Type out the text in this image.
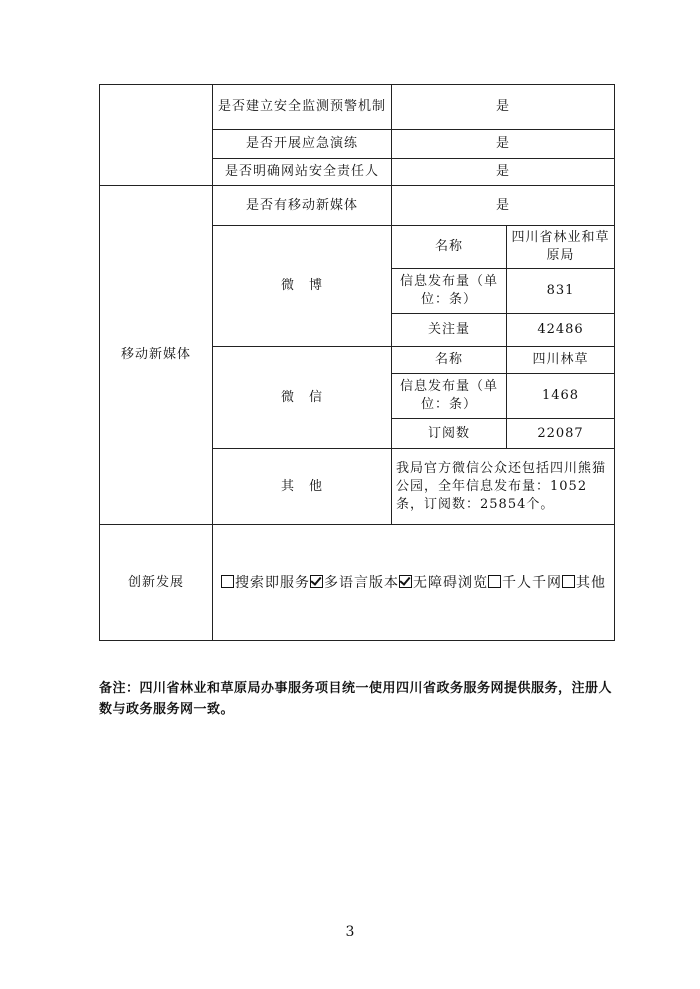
	是否建立安全监测预警机制	是	
	是否开展应急演练	是	
	是否明确网站安全责任人	是	
移动新媒体	是否有移动新媒体	是	
	微　博	名称	四川省林业和草原局
		信息发布量（单位：条）	831
		关注量	42486
	微　信	名称	四川林草
		信息发布量（单位：条）	1468
		订阅数	22087
	其　他	我局官方微信公众还包括四川熊猫公园，全年信息发布量：1052条，订阅数：25854个。	
创新发展	搜索即服务 多语言版本 无障碍浏览 千人千网 其他		
备注：四川省林业和草原局办事服务项目统一使用四川省政务服务网提供服务，注册人数与政务服务网一致。
3
